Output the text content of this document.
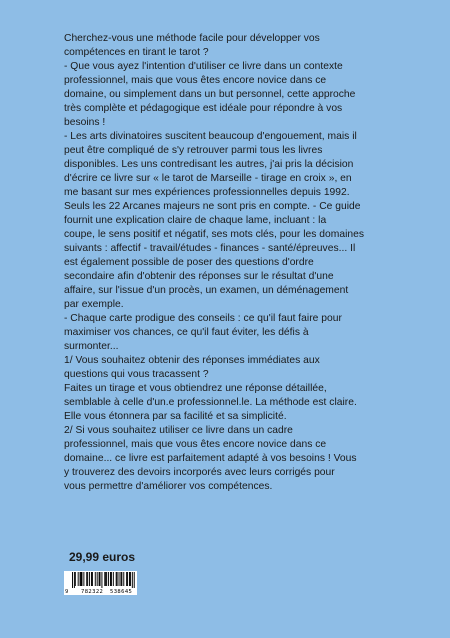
Cherchez-vous une méthode facile pour développer vos
compétences en tirant le tarot ?

- Que vous ayez l'intention d'utiliser ce livre dans un contexte
professionnel, mais que vous êtes encore novice dans ce
domaine, ou simplement dans un but personnel, cette approche
très complète et pédagogique est idéale pour répondre à vos
besoins !

- Les arts divinatoires suscitent beaucoup d'engouement, mais il
peut être compliqué de s'y retrouver parmi tous les livres
disponibles. Les uns contredisant les autres, j'ai pris la décision
d'écrire ce livre sur « le tarot de Marseille - tirage en croix », en
me basant sur mes expériences professionnelles depuis 1992.
Seuls les 22 Arcanes majeurs ne sont pris en compte. - Ce guide
fournit une explication claire de chaque lame, incluant : la
coupe, le sens positif et négatif, ses mots clés, pour les domaines
suivants : affectif - travail/études - finances - santé/épreuves... Il
est également possible de poser des questions d'ordre
secondaire afin d'obtenir des réponses sur le résultat d'une
affaire, sur l'issue d'un procès, un examen, un déménagement
par exemple.

- Chaque carte prodigue des conseils : ce qu'il faut faire pour
maximiser vos chances, ce qu'il faut éviter, les défis à
surmonter...

1/ Vous souhaitez obtenir des réponses immédiates aux
questions qui vous tracassent ?

Faites un tirage et vous obtiendrez une réponse détaillée,
semblable à celle d'un.e professionnel.le. La méthode est claire.
Elle vous étonnera par sa facilité et sa simplicité.

2/ Si vous souhaitez utiliser ce livre dans un cadre
professionnel, mais que vous êtes encore novice dans ce
domaine... ce livre est parfaitement adapté à vos besoins ! Vous
y trouverez des devoirs incorporés avec leurs corrigés pour
vous permettre d'améliorer vos compétences.

29,99 euros

9 782322 538645
